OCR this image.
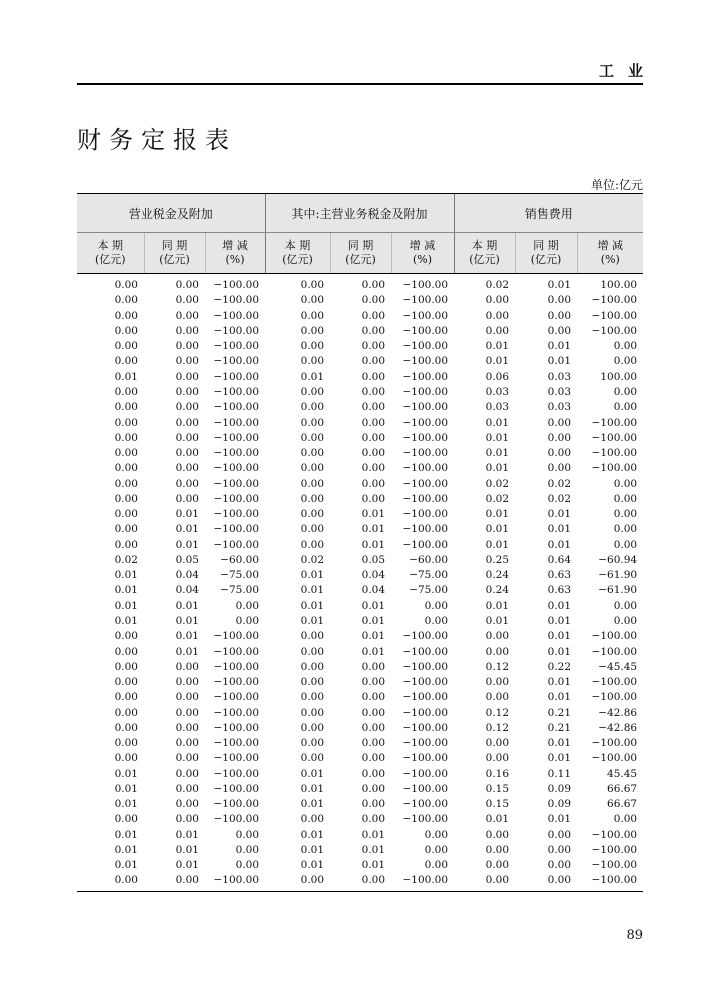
工业
财务定报表
单位:亿元
营业税金及附加			其中:主营业务税金及附加			销售费用		

本 期
(亿元)	同 期
(亿元)	增 减
(%)	本 期
(亿元)	同 期
(亿元)	增 减
(%)	本 期
(亿元)	同 期
(亿元)	增 减
(%)

0.00	0.00	−100.00	0.00	0.00	−100.00	0.02	0.01	100.00
0.00	0.00	−100.00	0.00	0.00	−100.00	0.00	0.00	−100.00
0.00	0.00	−100.00	0.00	0.00	−100.00	0.00	0.00	−100.00
0.00	0.00	−100.00	0.00	0.00	−100.00	0.00	0.00	−100.00
0.00	0.00	−100.00	0.00	0.00	−100.00	0.01	0.01	0.00
0.00	0.00	−100.00	0.00	0.00	−100.00	0.01	0.01	0.00
0.01	0.00	−100.00	0.01	0.00	−100.00	0.06	0.03	100.00
0.00	0.00	−100.00	0.00	0.00	−100.00	0.03	0.03	0.00
0.00	0.00	−100.00	0.00	0.00	−100.00	0.03	0.03	0.00
0.00	0.00	−100.00	0.00	0.00	−100.00	0.01	0.00	−100.00
0.00	0.00	−100.00	0.00	0.00	−100.00	0.01	0.00	−100.00
0.00	0.00	−100.00	0.00	0.00	−100.00	0.01	0.00	−100.00
0.00	0.00	−100.00	0.00	0.00	−100.00	0.01	0.00	−100.00
0.00	0.00	−100.00	0.00	0.00	−100.00	0.02	0.02	0.00
0.00	0.00	−100.00	0.00	0.00	−100.00	0.02	0.02	0.00
0.00	0.01	−100.00	0.00	0.01	−100.00	0.01	0.01	0.00
0.00	0.01	−100.00	0.00	0.01	−100.00	0.01	0.01	0.00
0.00	0.01	−100.00	0.00	0.01	−100.00	0.01	0.01	0.00
0.02	0.05	−60.00	0.02	0.05	−60.00	0.25	0.64	−60.94
0.01	0.04	−75.00	0.01	0.04	−75.00	0.24	0.63	−61.90
0.01	0.04	−75.00	0.01	0.04	−75.00	0.24	0.63	−61.90
0.01	0.01	0.00	0.01	0.01	0.00	0.01	0.01	0.00
0.01	0.01	0.00	0.01	0.01	0.00	0.01	0.01	0.00
0.00	0.01	−100.00	0.00	0.01	−100.00	0.00	0.01	−100.00
0.00	0.01	−100.00	0.00	0.01	−100.00	0.00	0.01	−100.00
0.00	0.00	−100.00	0.00	0.00	−100.00	0.12	0.22	−45.45
0.00	0.00	−100.00	0.00	0.00	−100.00	0.00	0.01	−100.00
0.00	0.00	−100.00	0.00	0.00	−100.00	0.00	0.01	−100.00
0.00	0.00	−100.00	0.00	0.00	−100.00	0.12	0.21	−42.86
0.00	0.00	−100.00	0.00	0.00	−100.00	0.12	0.21	−42.86
0.00	0.00	−100.00	0.00	0.00	−100.00	0.00	0.01	−100.00
0.00	0.00	−100.00	0.00	0.00	−100.00	0.00	0.01	−100.00
0.01	0.00	−100.00	0.01	0.00	−100.00	0.16	0.11	45.45
0.01	0.00	−100.00	0.01	0.00	−100.00	0.15	0.09	66.67
0.01	0.00	−100.00	0.01	0.00	−100.00	0.15	0.09	66.67
0.00	0.00	−100.00	0.00	0.00	−100.00	0.01	0.01	0.00
0.01	0.01	0.00	0.01	0.01	0.00	0.00	0.00	−100.00
0.01	0.01	0.00	0.01	0.01	0.00	0.00	0.00	−100.00
0.01	0.01	0.00	0.01	0.01	0.00	0.00	0.00	−100.00
0.00	0.00	−100.00	0.00	0.00	−100.00	0.00	0.00	−100.00
89
